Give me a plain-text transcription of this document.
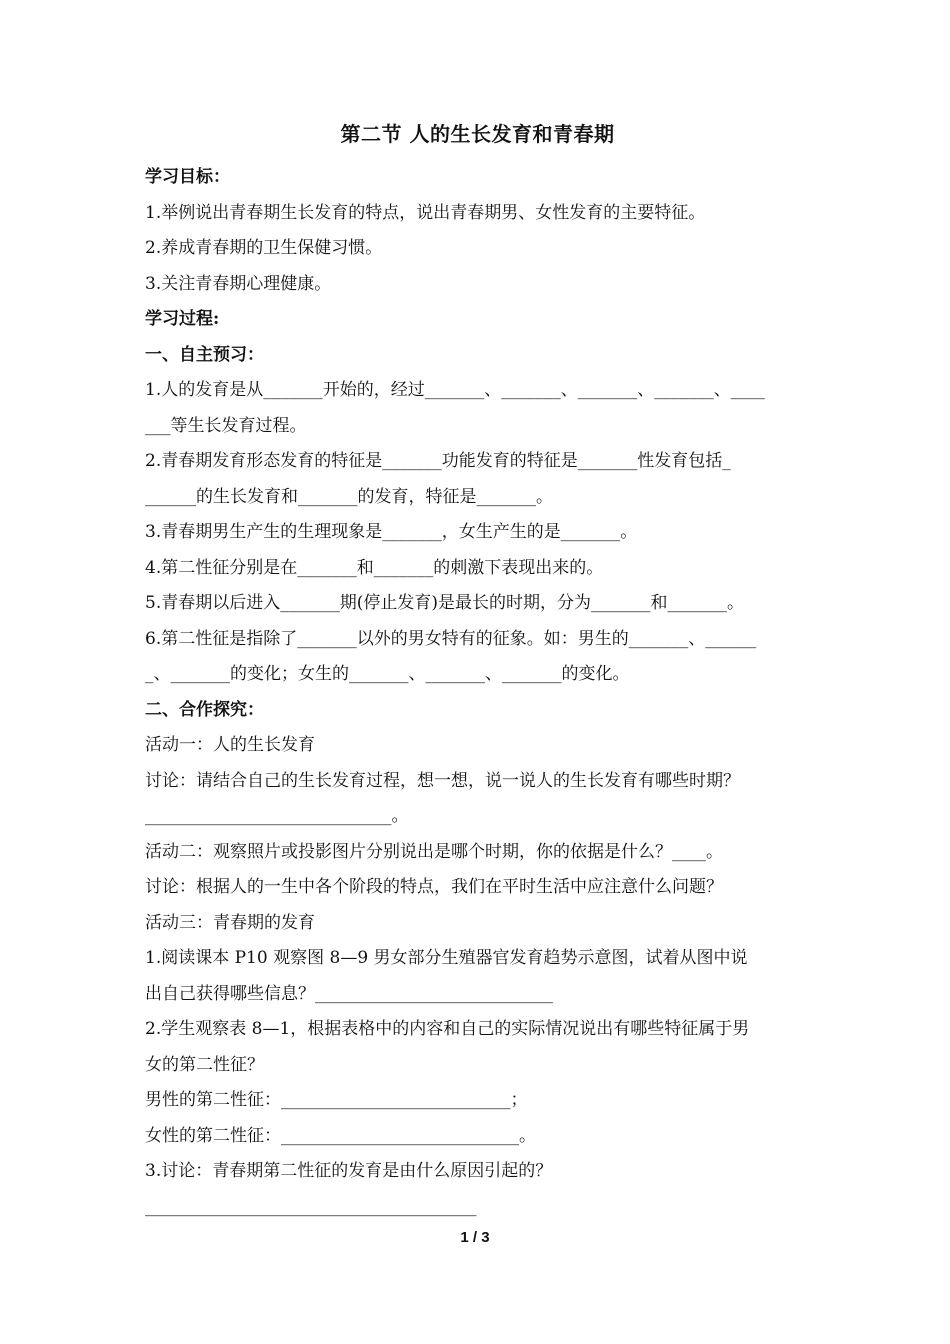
第二节 人的生长发育和青春期
学习目标：
1.举例说出青春期生长发育的特点，说出青春期男、女性发育的主要特征。
2.养成青春期的卫生保健习惯。
3.关注青春期心理健康。
学习过程:
一、自主预习：
1.人的发育是从_______开始的，经过_______、_______、_______、_______、____
___等生长发育过程。
2.青春期发育形态发育的特征是_______功能发育的特征是_______性发育包括_
______的生长发育和_______的发育，特征是_______。
3.青春期男生产生的生理现象是_______，女生产生的是_______。
4.第二性征分别是在_______和_______的刺激下表现出来的。
5.青春期以后进入_______期(停止发育)是最长的时期，分为_______和_______。
6.第二性征是指除了_______以外的男女特有的征象。如：男生的_______、______
_、_______的变化；女生的_______、_______、_______的变化。
二、合作探究：
活动一：人的生长发育
讨论：请结合自己的生长发育过程，想一想，说一说人的生长发育有哪些时期？
_____________________________。
活动二：观察照片或投影图片分别说出是哪个时期，你的依据是什么？____。
讨论：根据人的一生中各个阶段的特点，我们在平时生活中应注意什么问题？
活动三：青春期的发育
1.阅读课本 P10 观察图 8—9 男女部分生殖器官发育趋势示意图，试着从图中说
出自己获得哪些信息？____________________________
2.学生观察表 8—1，根据表格中的内容和自己的实际情况说出有哪些特征属于男
女的第二性征？
男性的第二性征：___________________________；
女性的第二性征：____________________________。
3.讨论：青春期第二性征的发育是由什么原因引起的？
_______________________________________
1 / 3
